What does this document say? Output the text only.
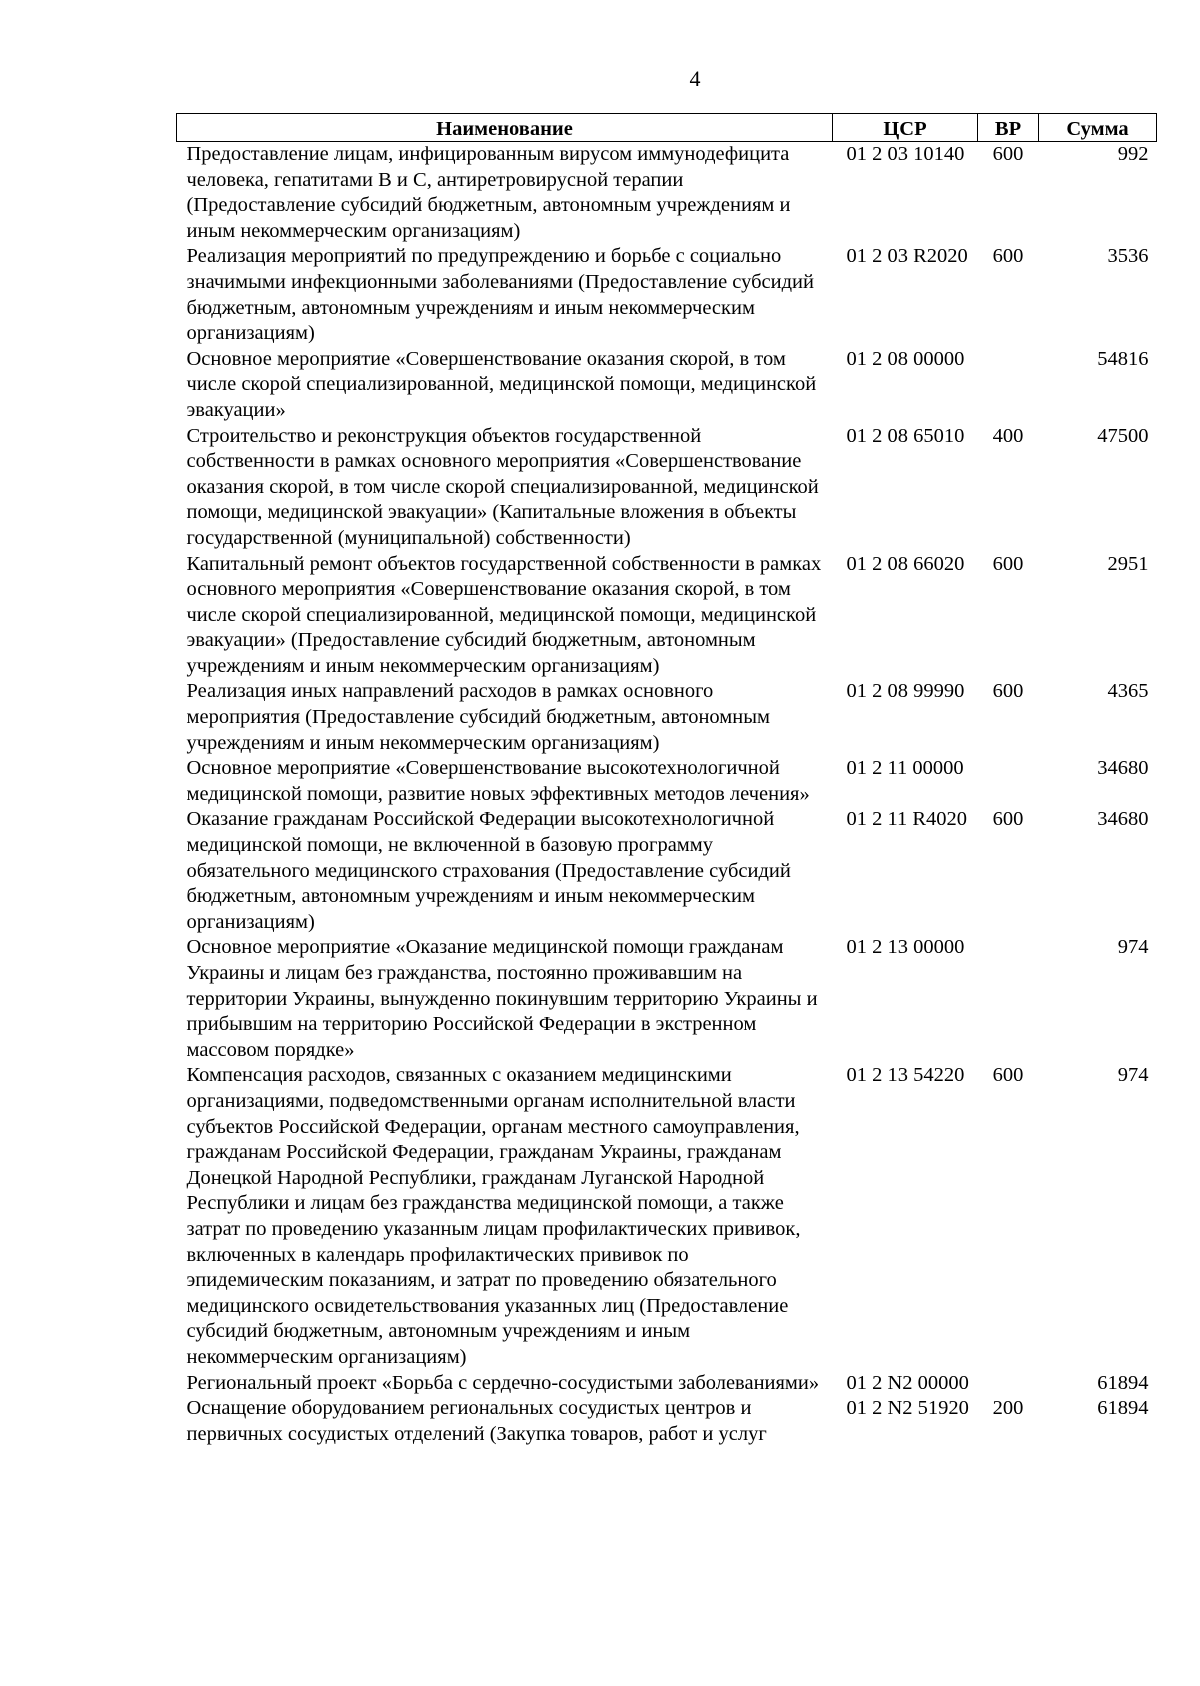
4
Наименование	ЦСР	ВР	Сумма
Предоставление лицам, инфицированным вирусом иммунодефицита человека, гепатитами B и C, антиретровирусной терапии (Предоставление субсидий бюджетным, автономным учреждениям и иным некоммерческим организациям)	01 2 03 10140	600	992
Реализация мероприятий по предупреждению и борьбе с социально значимыми инфекционными заболеваниями (Предоставление субсидий бюджетным, автономным учреждениям и иным некоммерческим организациям)	01 2 03 R2020	600	3536
Основное мероприятие «Совершенствование оказания скорой, в том числе скорой специализированной, медицинской помощи, медицинской эвакуации»	01 2 08 00000		54816
Строительство и реконструкция объектов государственной собственности в рамках основного мероприятия «Совершенствование оказания скорой, в том числе скорой специализированной, медицинской помощи, медицинской эвакуации» (Капитальные вложения в объекты государственной (муниципальной) собственности)	01 2 08 65010	400	47500
Капитальный ремонт объектов государственной собственности в рамках основного мероприятия «Совершенствование оказания скорой, в том числе скорой специализированной, медицинской помощи, медицинской эвакуации» (Предоставление субсидий бюджетным, автономным учреждениям и иным некоммерческим организациям)	01 2 08 66020	600	2951
Реализация иных направлений расходов в рамках основного мероприятия (Предоставление субсидий бюджетным, автономным учреждениям и иным некоммерческим организациям)	01 2 08 99990	600	4365
Основное мероприятие «Совершенствование высокотехнологичной медицинской помощи, развитие новых эффективных методов лечения»	01 2 11 00000		34680
Оказание гражданам Российской Федерации высокотехнологичной медицинской помощи, не включенной в базовую программу обязательного медицинского страхования (Предоставление субсидий бюджетным, автономным учреждениям и иным некоммерческим организациям)	01 2 11 R4020	600	34680
Основное мероприятие «Оказание медицинской помощи гражданам Украины и лицам без гражданства, постоянно проживавшим на территории Украины, вынужденно покинувшим территорию Украины и прибывшим на территорию Российской Федерации в экстренном массовом порядке»	01 2 13 00000		974
Компенсация расходов, связанных с оказанием медицинскими организациями, подведомственными органам исполнительной власти субъектов Российской Федерации, органам местного самоуправления, гражданам Российской Федерации, гражданам Украины, гражданам Донецкой Народной Республики, гражданам Луганской Народной Республики и лицам без гражданства медицинской помощи, а также затрат по проведению указанным лицам профилактических прививок, включенных в календарь профилактических прививок по эпидемическим показаниям, и затрат по проведению обязательного медицинского освидетельствования указанных лиц (Предоставление субсидий бюджетным, автономным учреждениям и иным некоммерческим организациям)	01 2 13 54220	600	974
Региональный проект «Борьба с сердечно-сосудистыми заболеваниями»	01 2 N2 00000		61894
Оснащение оборудованием региональных сосудистых центров и первичных сосудистых отделений (Закупка товаров, работ и услуг	01 2 N2 51920	200	61894
